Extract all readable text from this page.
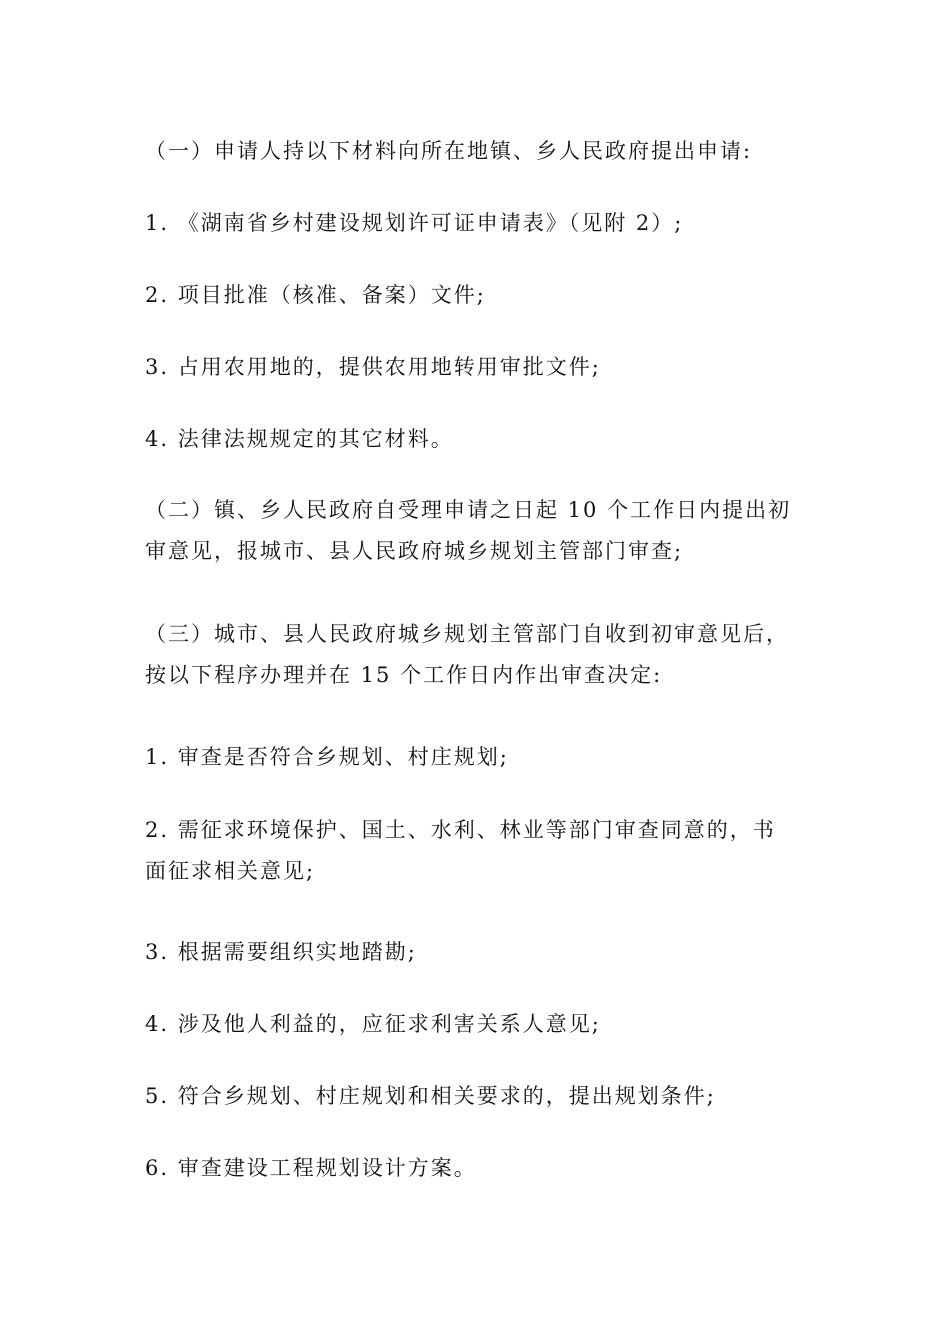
（一）申请人持以下材料向所在地镇、乡人民政府提出申请:
1. 《湖南省乡村建设规划许可证申请表》（见附 2）;
2. 项目批准（核准、备案）文件;
3. 占用农用地的，提供农用地转用审批文件;
4. 法律法规规定的其它材料。
（二）镇、乡人民政府自受理申请之日起 10 个工作日内提出初
审意见，报城市、县人民政府城乡规划主管部门审查;
（三）城市、县人民政府城乡规划主管部门自收到初审意见后，
按以下程序办理并在 15 个工作日内作出审查决定:
1. 审查是否符合乡规划、村庄规划;
2. 需征求环境保护、国土、水利、林业等部门审查同意的，书
面征求相关意见;
3. 根据需要组织实地踏勘;
4. 涉及他人利益的，应征求利害关系人意见;
5. 符合乡规划、村庄规划和相关要求的，提出规划条件;
6. 审查建设工程规划设计方案。
